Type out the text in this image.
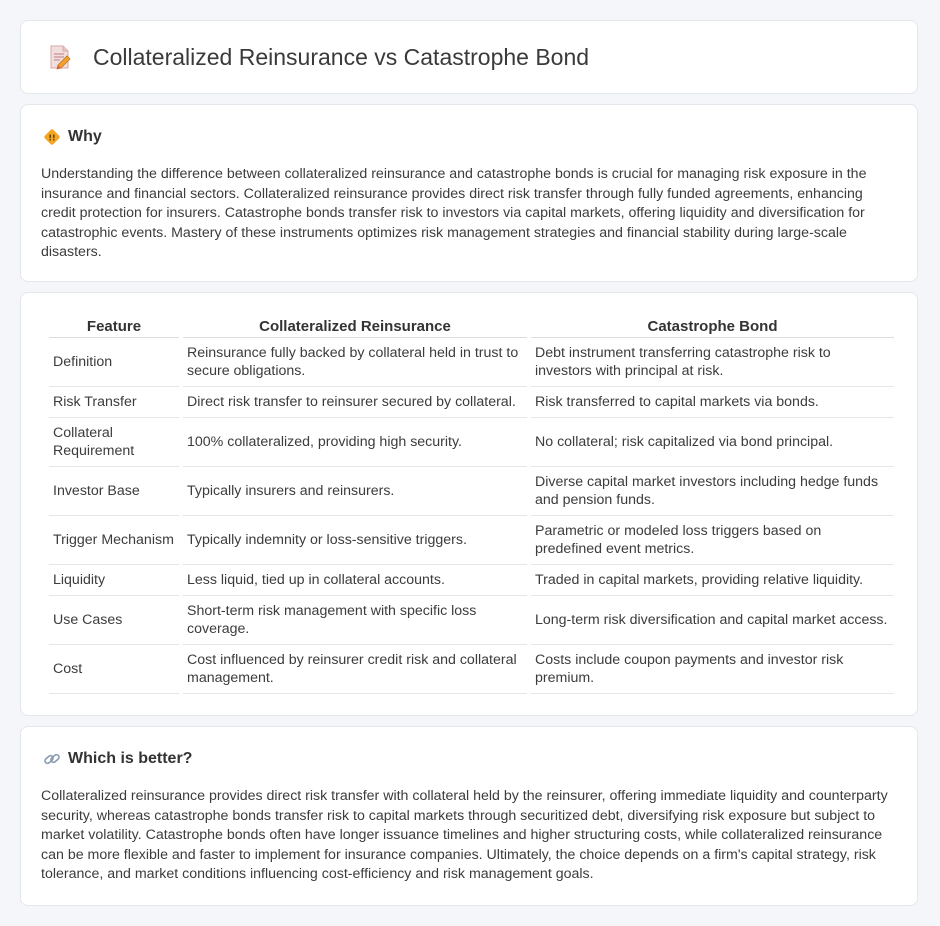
Collateralized Reinsurance vs Catastrophe Bond
!! Why
Understanding the difference between collateralized reinsurance and catastrophe bonds is crucial for managing risk exposure in the insurance and financial sectors. Collateralized reinsurance provides direct risk transfer through fully funded agreements, enhancing credit protection for insurers. Catastrophe bonds transfer risk to investors via capital markets, offering liquidity and diversification for catastrophic events. Mastery of these instruments optimizes risk management strategies and financial stability during large-scale disasters.
Feature	Collateralized Reinsurance	Catastrophe Bond
Definition	Reinsurance fully backed by collateral held in trust to secure obligations.	Debt instrument transferring catastrophe risk to investors with principal at risk.
Risk Transfer	Direct risk transfer to reinsurer secured by collateral.	Risk transferred to capital markets via bonds.
Collateral Requirement	100% collateralized, providing high security.	No collateral; risk capitalized via bond principal.
Investor Base	Typically insurers and reinsurers.	Diverse capital market investors including hedge funds and pension funds.
Trigger Mechanism	Typically indemnity or loss-sensitive triggers.	Parametric or modeled loss triggers based on predefined event metrics.
Liquidity	Less liquid, tied up in collateral accounts.	Traded in capital markets, providing relative liquidity.
Use Cases	Short-term risk management with specific loss coverage.	Long-term risk diversification and capital market access.
Cost	Cost influenced by reinsurer credit risk and collateral management.	Costs include coupon payments and investor risk premium.
Which is better?
Collateralized reinsurance provides direct risk transfer with collateral held by the reinsurer, offering immediate liquidity and counterparty security, whereas catastrophe bonds transfer risk to capital markets through securitized debt, diversifying risk exposure but subject to market volatility. Catastrophe bonds often have longer issuance timelines and higher structuring costs, while collateralized reinsurance can be more flexible and faster to implement for insurance companies. Ultimately, the choice depends on a firm's capital strategy, risk tolerance, and market conditions influencing cost-efficiency and risk management goals.
